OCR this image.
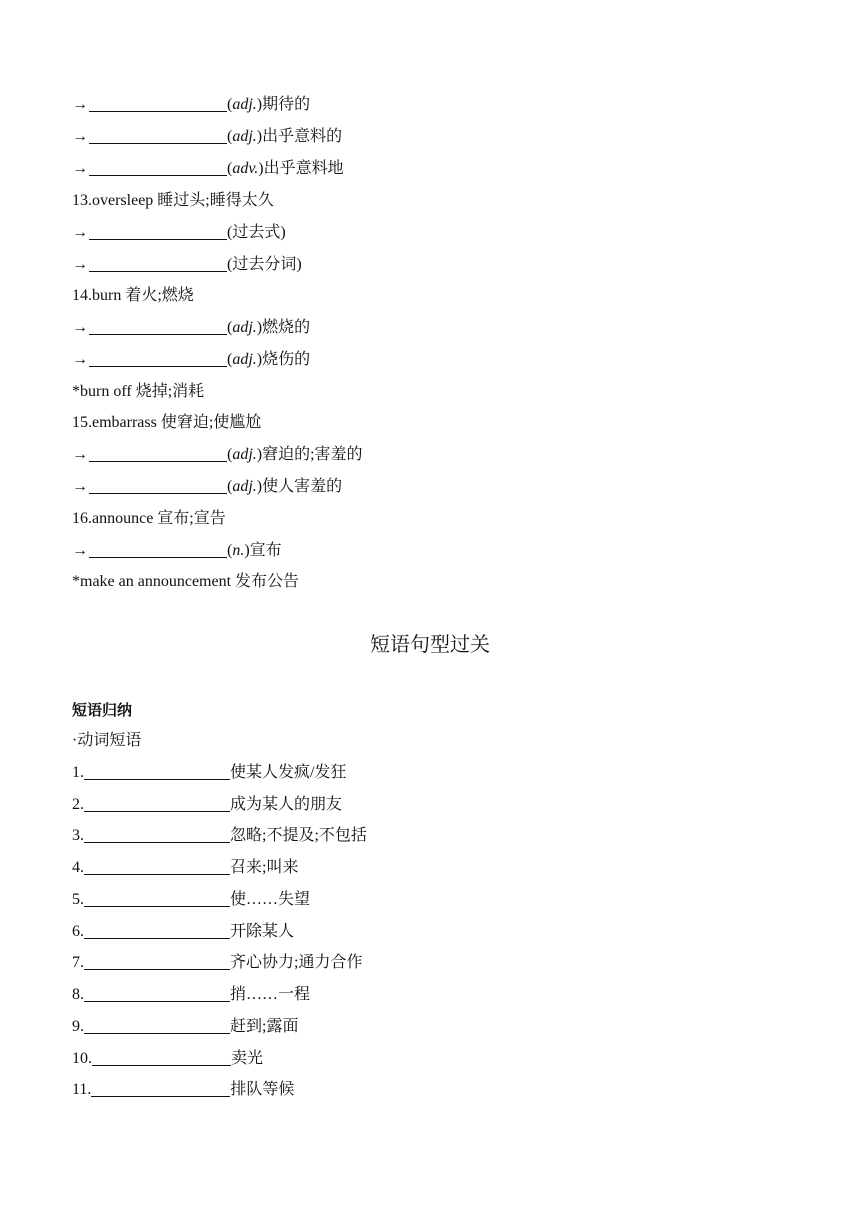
→	(adj.)期待的
→	(adj.)出乎意料的
→	(adv.)出乎意料地
13.oversleep 睡过头;睡得太久
→	(过去式)
→	(过去分词)
14.burn 着火;燃烧
→	(adj.)燃烧的
→	(adj.)烧伤的
*burn off 烧掉;消耗
15.embarrass 使窘迫;使尴尬
→	(adj.)窘迫的;害羞的
→	(adj.)使人害羞的
16.announce 宣布;宣告
→	(n.)宣布
*make an announcement 发布公告
短语句型过关
短语归纳
·动词短语
1.	使某人发疯/发狂
2.	成为某人的朋友
3.	忽略;不提及;不包括
4.	召来;叫来
5.	使……失望
6.	开除某人
7.	齐心协力;通力合作
8.	捎……一程
9.	赶到;露面
10.	卖光
11.	排队等候
